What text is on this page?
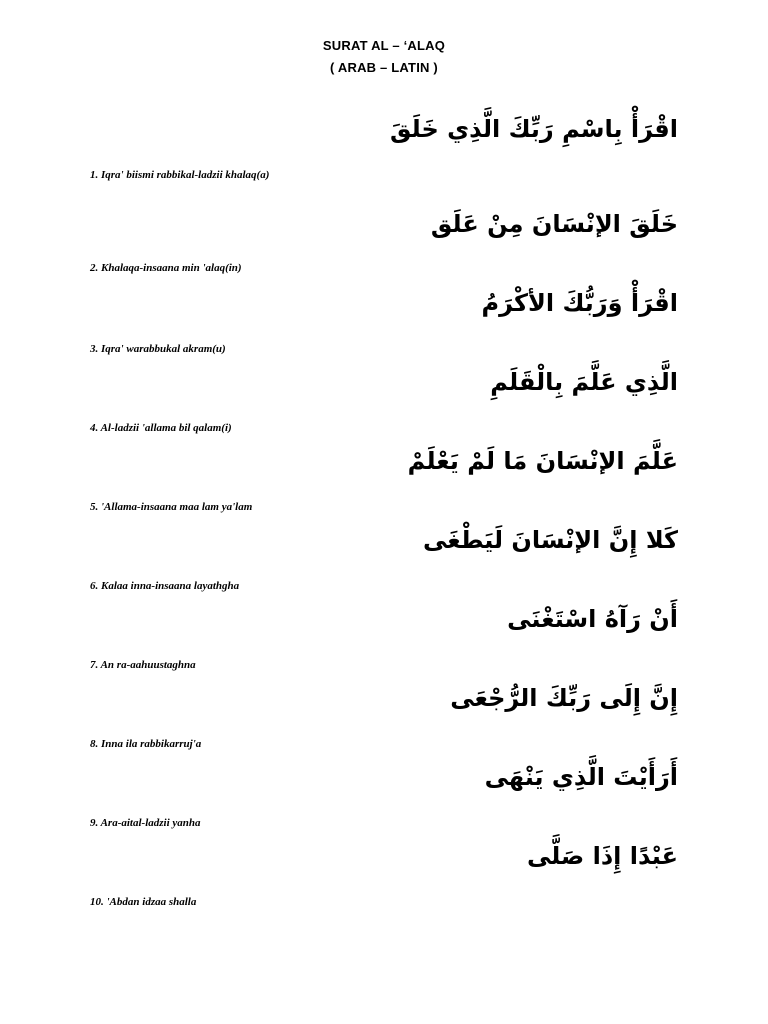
SURAT AL – ‘ALAQ
( ARAB – LATIN )
اقْرَأْ بِاسْمِ رَبِّكَ الَّذِي خَلَقَ
1. Iqra' biismi rabbikal-ladzii khalaq(a)
خَلَقَ الإنْسَانَ مِنْ عَلَق
2. Khalaqa-insaana min 'alaq(in)
اقْرَأْ وَرَبُّكَ الأكْرَمُ
3. Iqra' warabbukal akram(u)
الَّذِي عَلَّمَ بِالْقَلَمِ
4. Al-ladzii 'allama bil qalam(i)
عَلَّمَ الإنْسَانَ مَا لَمْ يَعْلَمْ
5. 'Allama-insaana maa lam ya'lam
كَلا إِنَّ الإنْسَانَ لَيَطْغَى
6. Kalaa inna-insaana layathgha
أَنْ رَآهُ اسْتَغْنَى
7. An ra-aahuustaghna
إِنَّ إِلَى رَبِّكَ الرُّجْعَى
8. Inna ila rabbikarruj'a
أَرَأَيْتَ الَّذِي يَنْهَى
9. Ara-aital-ladzii yanha
عَبْدًا إِذَا صَلَّى
10. 'Abdan idzaa shalla
